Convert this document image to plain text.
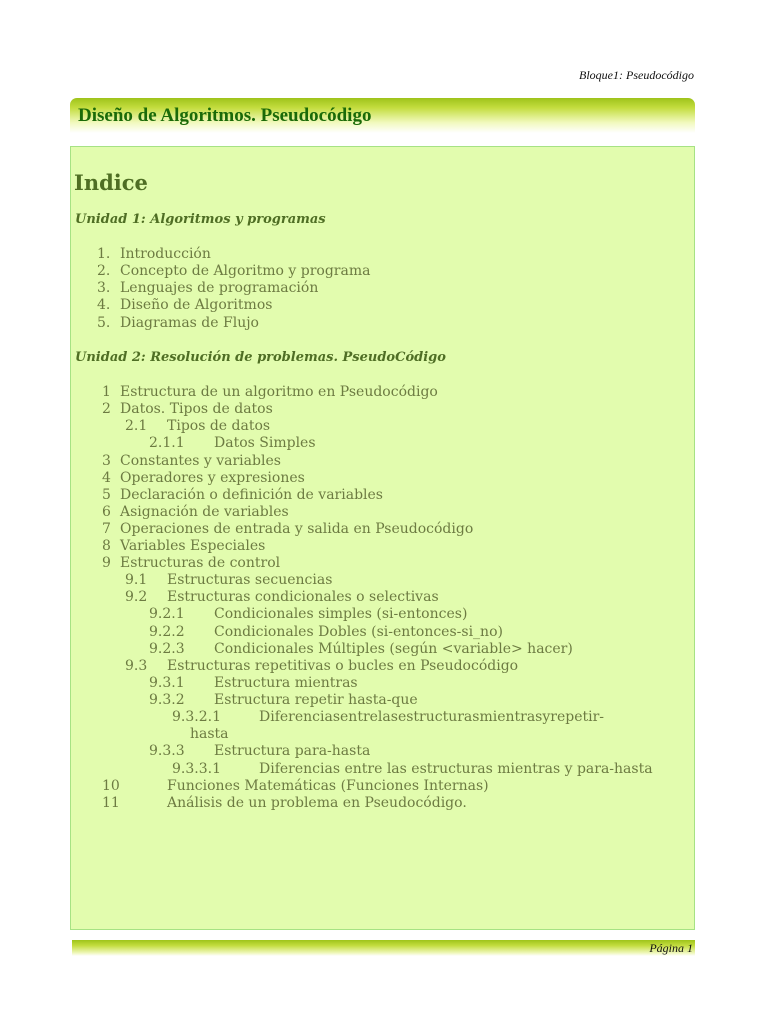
Bloque1: Pseudocódigo
Diseño de Algoritmos. Pseudocódigo
Indice
Unidad 1: Algoritmos y programas
1. Introducción
2. Concepto de Algoritmo y programa
3. Lenguajes de programación
4. Diseño de Algoritmos
5. Diagramas de Flujo
Unidad 2: Resolución de problemas. PseudoCódigo
1 Estructura de un algoritmo en Pseudocódigo
2 Datos. Tipos de datos
2.1 Tipos de datos
2.1.1 Datos Simples
3 Constantes y variables
4 Operadores y expresiones
5 Declaración o definición de variables
6 Asignación de variables
7 Operaciones de entrada y salida en Pseudocódigo
8 Variables Especiales
9 Estructuras de control
9.1 Estructuras secuencias
9.2 Estructuras condicionales o selectivas
9.2.1 Condicionales simples (si-entonces)
9.2.2 Condicionales Dobles (si-entonces-si_no)
9.2.3 Condicionales Múltiples (según <variable> hacer)
9.3 Estructuras repetitivas o bucles en Pseudocódigo
9.3.1 Estructura mientras
9.3.2 Estructura repetir hasta-que
9.3.2.1	Diferenciasentrelasestructurasmientrasyrepetir-
hasta
9.3.3 Estructura para-hasta
9.3.3.1	Diferencias entre las estructuras mientras y para-hasta
10	Funciones Matemáticas (Funciones Internas)
11	Análisis de un problema en Pseudocódigo.
Página 1
